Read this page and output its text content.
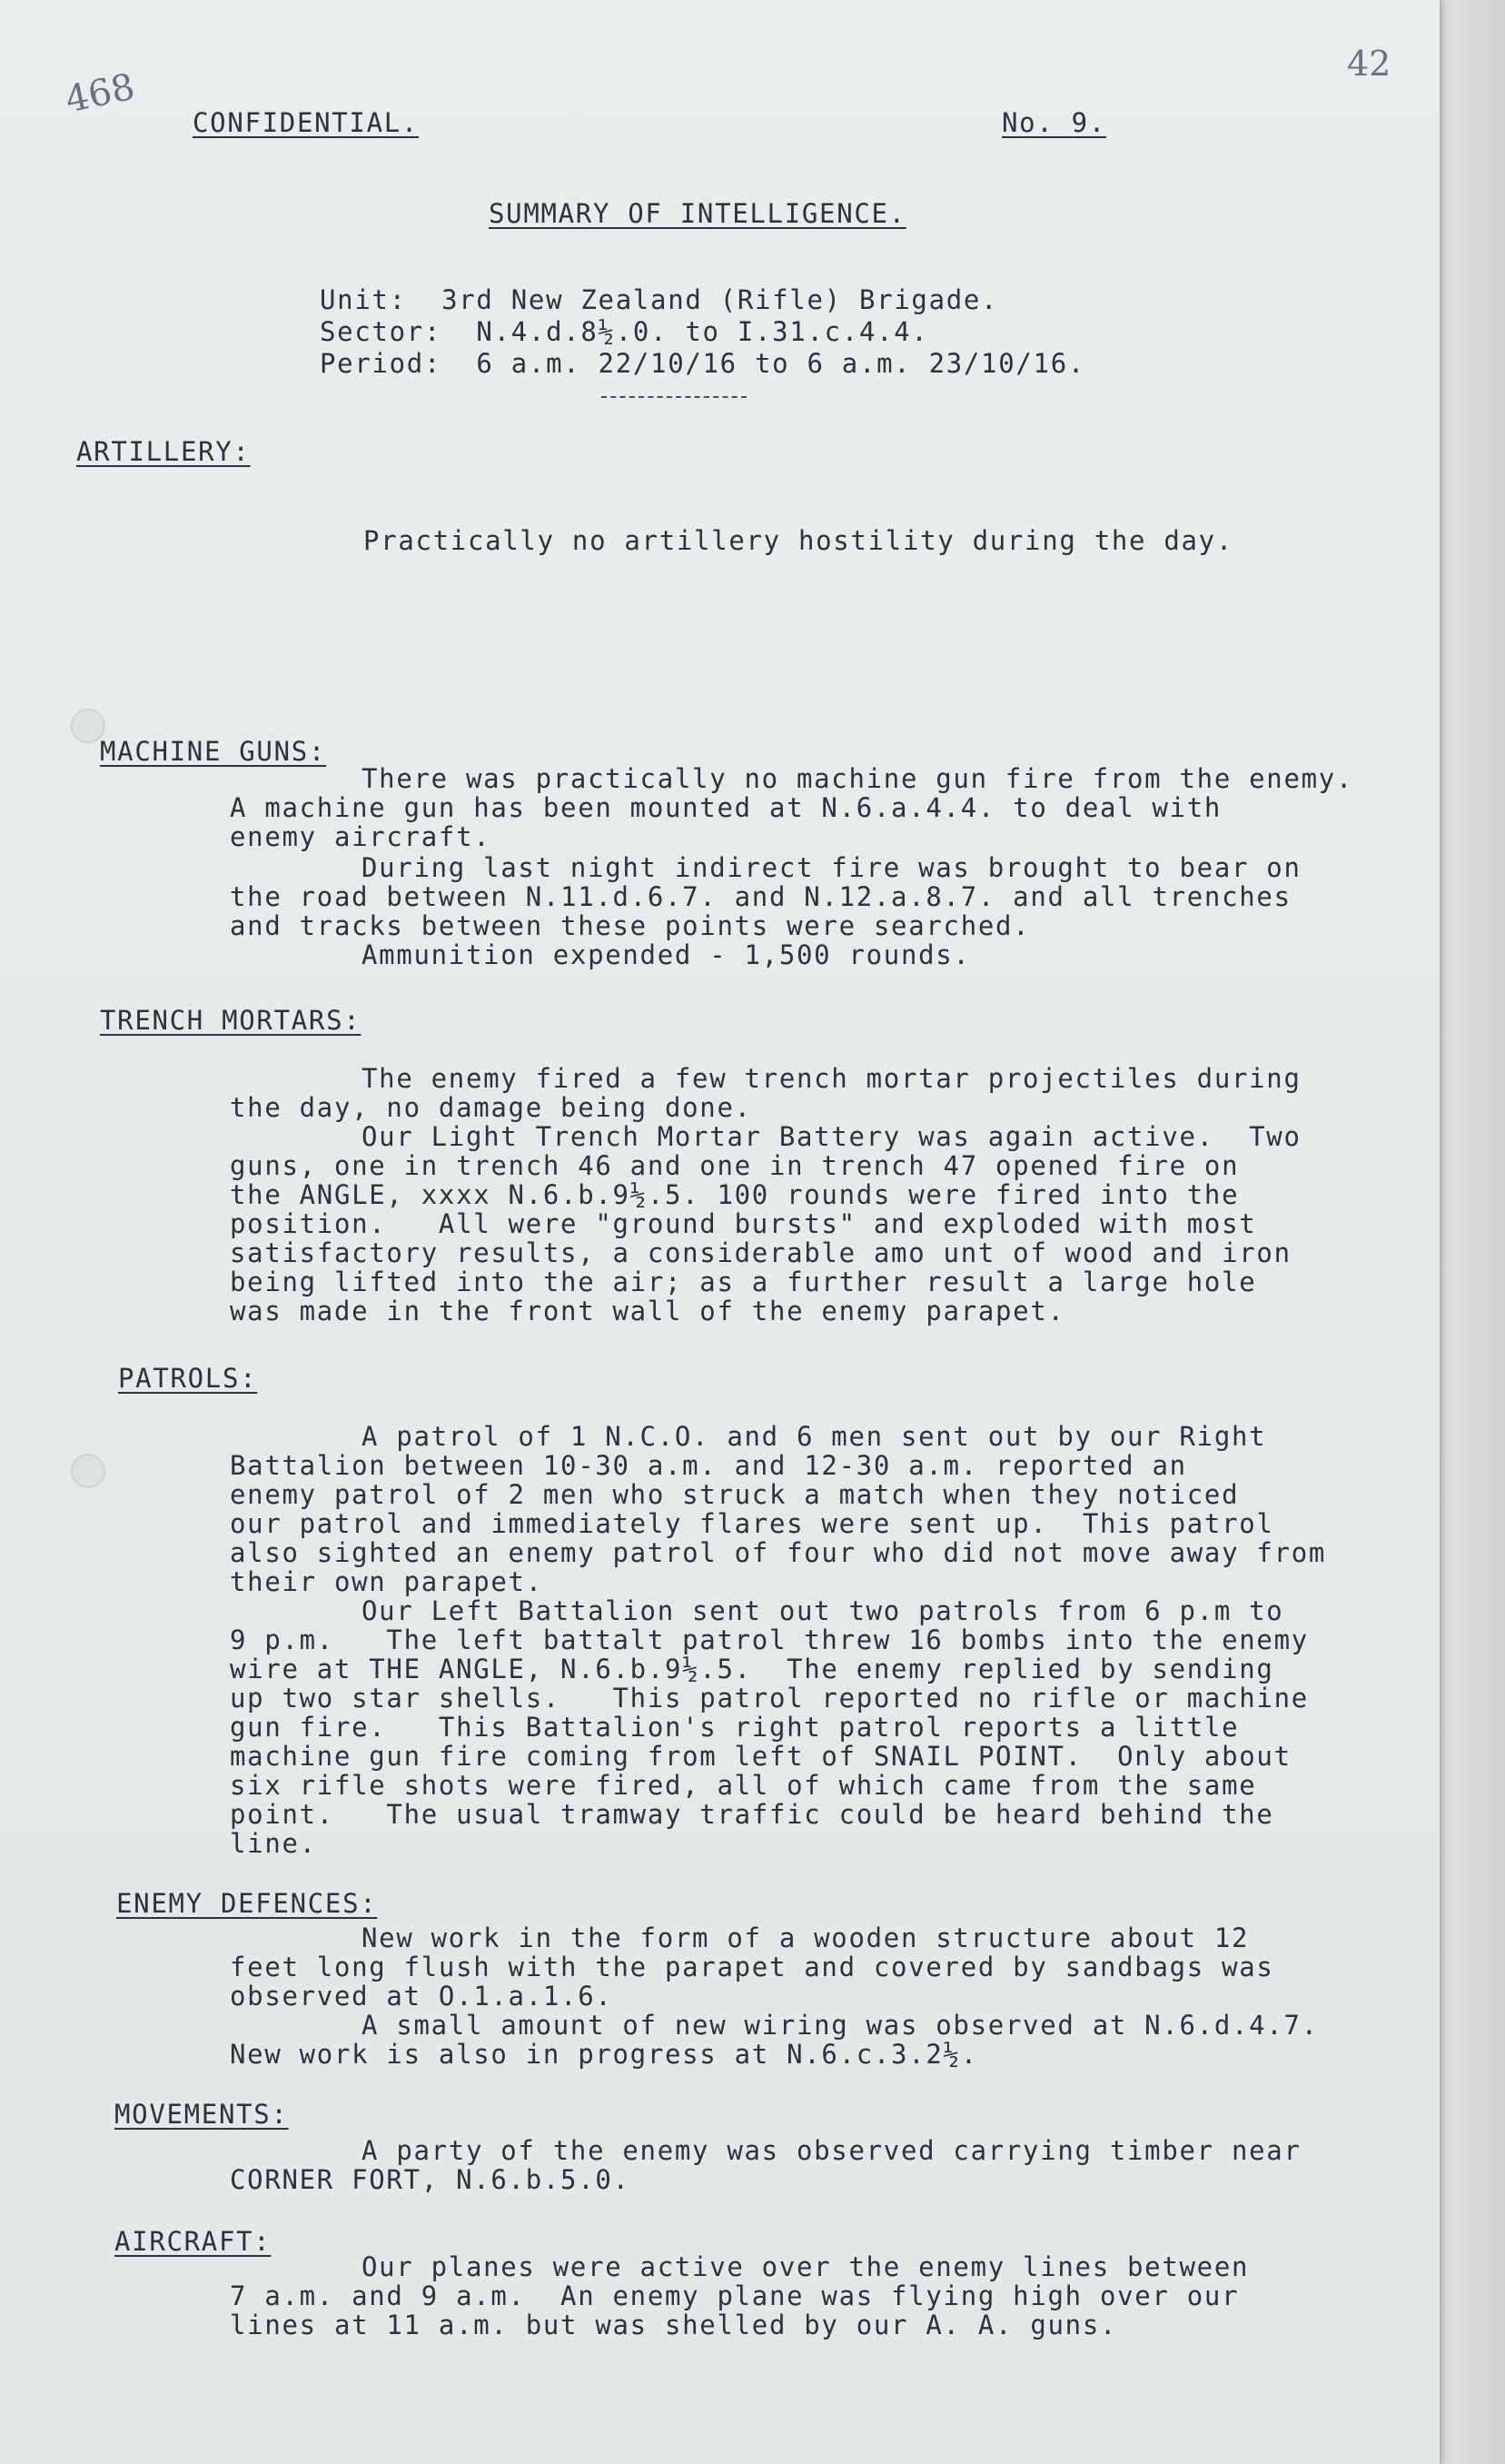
468
42
CONFIDENTIAL.	No. 9.
SUMMARY OF INTELLIGENCE.
Unit:  3rd New Zealand (Rifle) Brigade.
Sector:  N.4.d.8½.0. to I.31.c.4.4.
Period:  6 a.m. 22/10/16 to 6 a.m. 23/10/16.
ARTILLERY:
Practically no artillery hostility during the day.
MACHINE GUNS:
There was practically no machine gun fire from the enemy.
A machine gun has been mounted at N.6.a.4.4. to deal with
enemy aircraft.
During last night indirect fire was brought to bear on
the road between N.11.d.6.7. and N.12.a.8.7. and all trenches
and tracks between these points were searched.
Ammunition expended - 1,500 rounds.
TRENCH MORTARS:
The enemy fired a few trench mortar projectiles during
the day, no damage being done.
Our Light Trench Mortar Battery was again active.  Two
guns, one in trench 46 and one in trench 47 opened fire on
the ANGLE, xxxx N.6.b.9½.5. 100 rounds were fired into the
position.   All were "ground bursts" and exploded with most
satisfactory results, a considerable amo unt of wood and iron
being lifted into the air; as a further result a large hole
was made in the front wall of the enemy parapet.
PATROLS:
A patrol of 1 N.C.O. and 6 men sent out by our Right
Battalion between 10-30 a.m. and 12-30 a.m. reported an
enemy patrol of 2 men who struck a match when they noticed
our patrol and immediately flares were sent up.  This patrol
also sighted an enemy patrol of four who did not move away from
their own parapet.
Our Left Battalion sent out two patrols from 6 p.m to
9 p.m.   The left battalt patrol threw 16 bombs into the enemy
wire at THE ANGLE, N.6.b.9½.5.  The enemy replied by sending
up two star shells.   This patrol reported no rifle or machine
gun fire.   This Battalion's right patrol reports a little
machine gun fire coming from left of SNAIL POINT.  Only about
six rifle shots were fired, all of which came from the same
point.   The usual tramway traffic could be heard behind the
line.
ENEMY DEFENCES:
New work in the form of a wooden structure about 12
feet long flush with the parapet and covered by sandbags was
observed at O.1.a.1.6.
A small amount of new wiring was observed at N.6.d.4.7.
New work is also in progress at N.6.c.3.2½.
MOVEMENTS:
A party of the enemy was observed carrying timber near
CORNER FORT, N.6.b.5.0.
AIRCRAFT:
Our planes were active over the enemy lines between
7 a.m. and 9 a.m.  An enemy plane was flying high over our
lines at 11 a.m. but was shelled by our A. A. guns.
